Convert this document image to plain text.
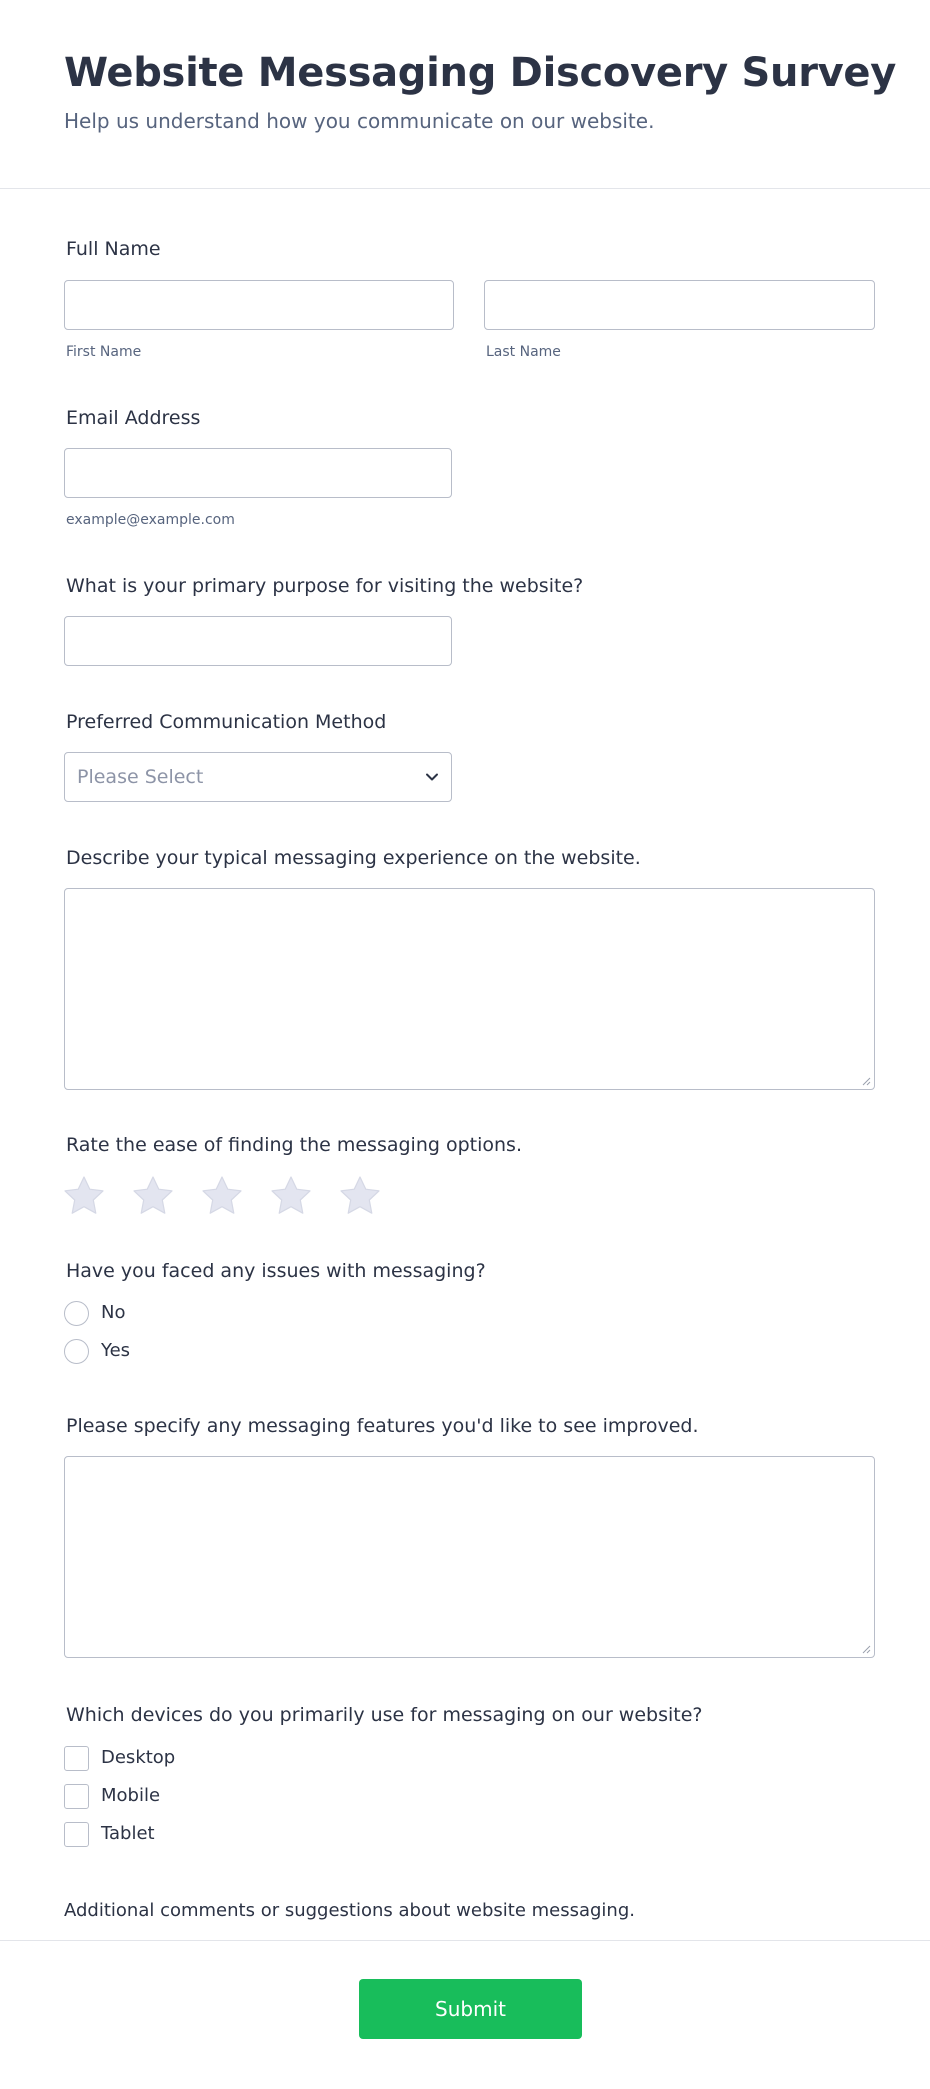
Website Messaging Discovery Survey

Help us understand how you communicate on our website.

Full Name
First Name	Last Name
Email Address
example@example.com
What is your primary purpose for visiting the website?
Preferred Communication Method
Please Select
Describe your typical messaging experience on the website.
Rate the ease of finding the messaging options.
Have you faced any issues with messaging?
No
Yes
Please specify any messaging features you'd like to see improved.
Which devices do you primarily use for messaging on our website?
Desktop
Mobile
Tablet
Additional comments or suggestions about website messaging.
Submit
